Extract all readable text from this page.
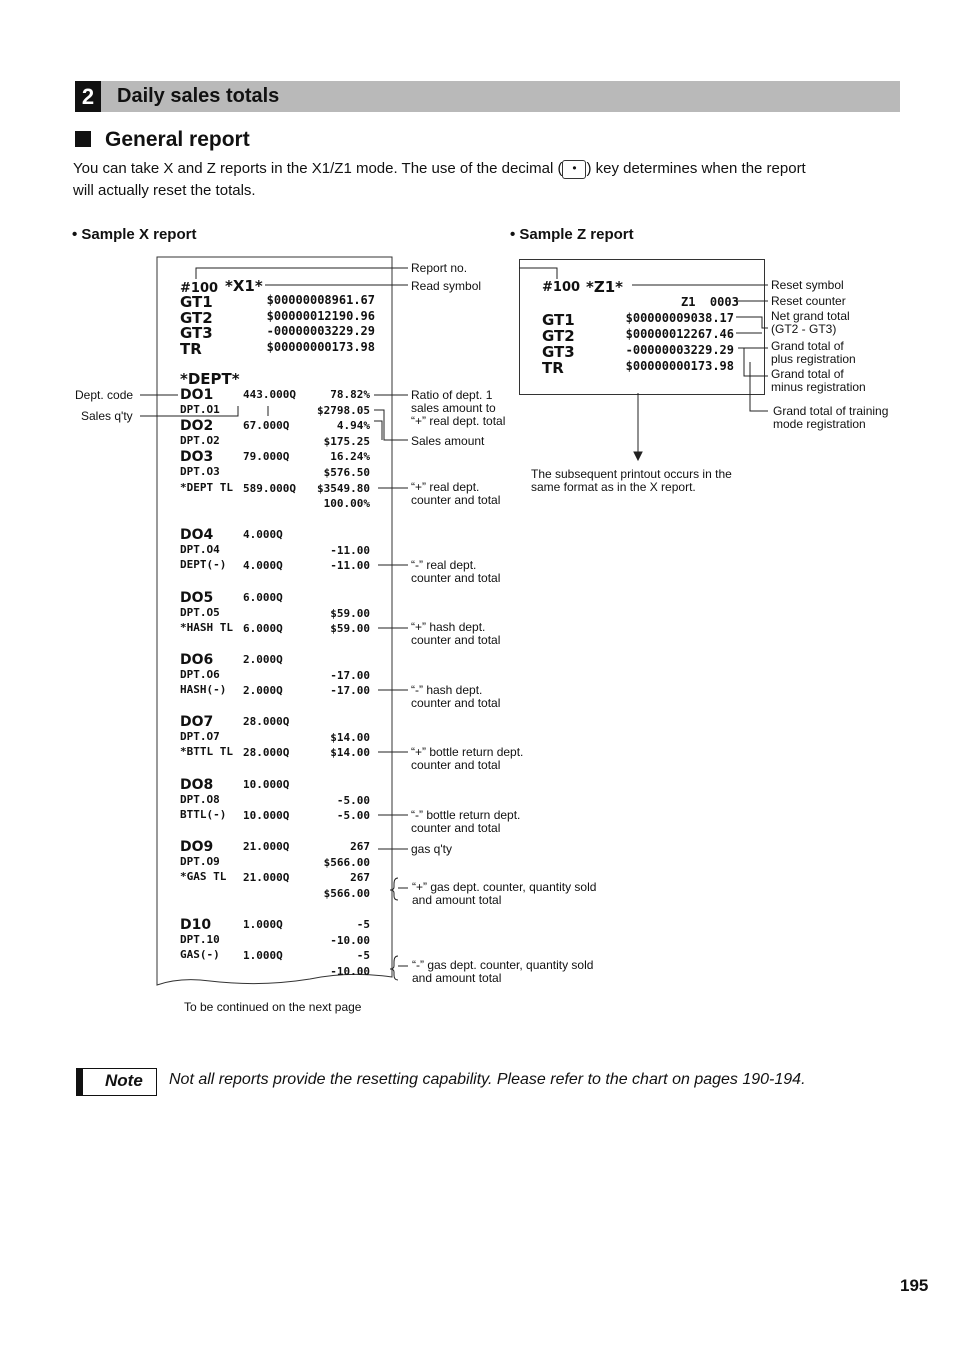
2	Daily sales totals
General report
You can take X and Z reports in the X1/Z1 mode. The use of the decimal ( • ) key determines when the report
will actually reset the totals.
• Sample X report	• Sample Z report
#100 *X1*
GT1	$00000008961.67
GT2	$00000012190.96
GT3	-00000003229.29
TR	$00000000173.98
*DEPT*
DO1	443.000Q	78.82%
DPT.O1	$2798.05
DO2	67.000Q	4.94%
DPT.O2	$175.25
DO3	79.000Q	16.24%
DPT.O3	$576.50
*DEPT TL 589.000Q $3549.80
100.00%
DO4	4.000Q
DPT.O4	-11.00
DEPT(-) 4.000Q	-11.00
DO5	6.000Q
DPT.O5	$59.00
*HASH TL 6.000Q	$59.00
DO6	2.000Q
DPT.O6	-17.00
HASH(-) 2.000Q	-17.00
DO7	28.000Q
DPT.O7	$14.00
*BTTL TL 28.000Q	$14.00
DO8	10.000Q
DPT.O8	-5.00
BTTL(-) 10.000Q	-5.00
DO9	21.000Q	267
DPT.O9	$566.00
*GAS TL 21.000Q	267
$566.00
D10	1.000Q	-5
DPT.10	-10.00
GAS(-) 1.000Q	-5
-10.00
To be continued on the next page
Report no.
Read symbol
Dept. code
Sales q'ty
Ratio of dept. 1
sales amount to
“+” real dept. total
Sales amount
“+” real dept.
counter and total
“-” real dept.
counter and total
“+” hash dept.
counter and total
“-” hash dept.
counter and total
“+” bottle return dept.
counter and total
“-” bottle return dept.
counter and total
gas q'ty
“+” gas dept. counter, quantity sold
and amount total
“-” gas dept. counter, quantity sold
and amount total
#100 *Z1*
Z1  0003
GT1	$00000009038.17
GT2	$00000012267.46
GT3	-00000003229.29
TR	$00000000173.98
The subsequent printout occurs in the
same format as in the X report.
Reset symbol
Reset counter
Net grand total
(GT2 - GT3)
Grand total of
plus registration
Grand total of
minus registration
Grand total of training
mode registration
Note Not all reports provide the resetting capability. Please refer to the chart on pages 190-194.
195
